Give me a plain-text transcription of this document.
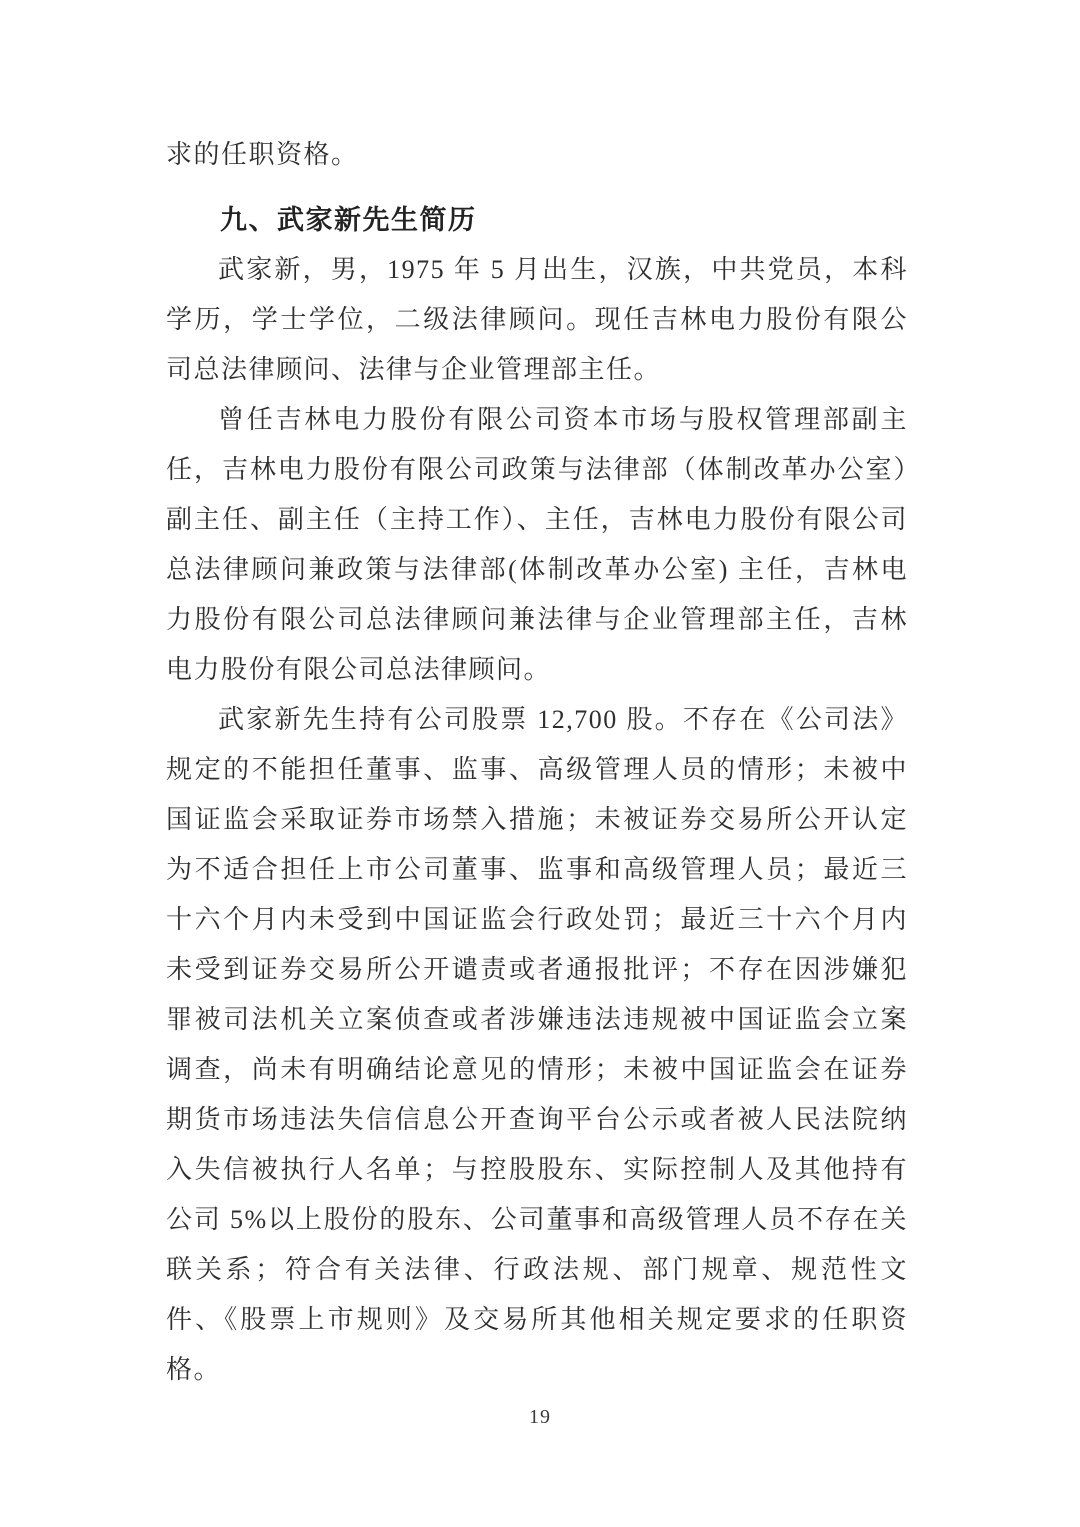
求的任职资格。

九、武家新先生简历

武家新，男，1975 年 5 月出生，汉族，中共党员，本科学历，学士学位，二级法律顾问。现任吉林电力股份有限公司总法律顾问、法律与企业管理部主任。

曾任吉林电力股份有限公司资本市场与股权管理部副主任，吉林电力股份有限公司政策与法律部（体制改革办公室）副主任、副主任（主持工作）、主任，吉林电力股份有限公司总法律顾问兼政策与法律部(体制改革办公室) 主任，吉林电力股份有限公司总法律顾问兼法律与企业管理部主任，吉林电力股份有限公司总法律顾问。

武家新先生持有公司股票 12,700 股。不存在《公司法》规定的不能担任董事、监事、高级管理人员的情形；未被中国证监会采取证券市场禁入措施；未被证券交易所公开认定为不适合担任上市公司董事、监事和高级管理人员；最近三十六个月内未受到中国证监会行政处罚；最近三十六个月内未受到证券交易所公开谴责或者通报批评；不存在因涉嫌犯罪被司法机关立案侦查或者涉嫌违法违规被中国证监会立案调查，尚未有明确结论意见的情形；未被中国证监会在证券期货市场违法失信信息公开查询平台公示或者被人民法院纳入失信被执行人名单；与控股股东、实际控制人及其他持有公司 5%以上股份的股东、公司董事和高级管理人员不存在关联关系；符合有关法律、行政法规、部门规章、规范性文件、《股票上市规则》及交易所其他相关规定要求的任职资格。

19
